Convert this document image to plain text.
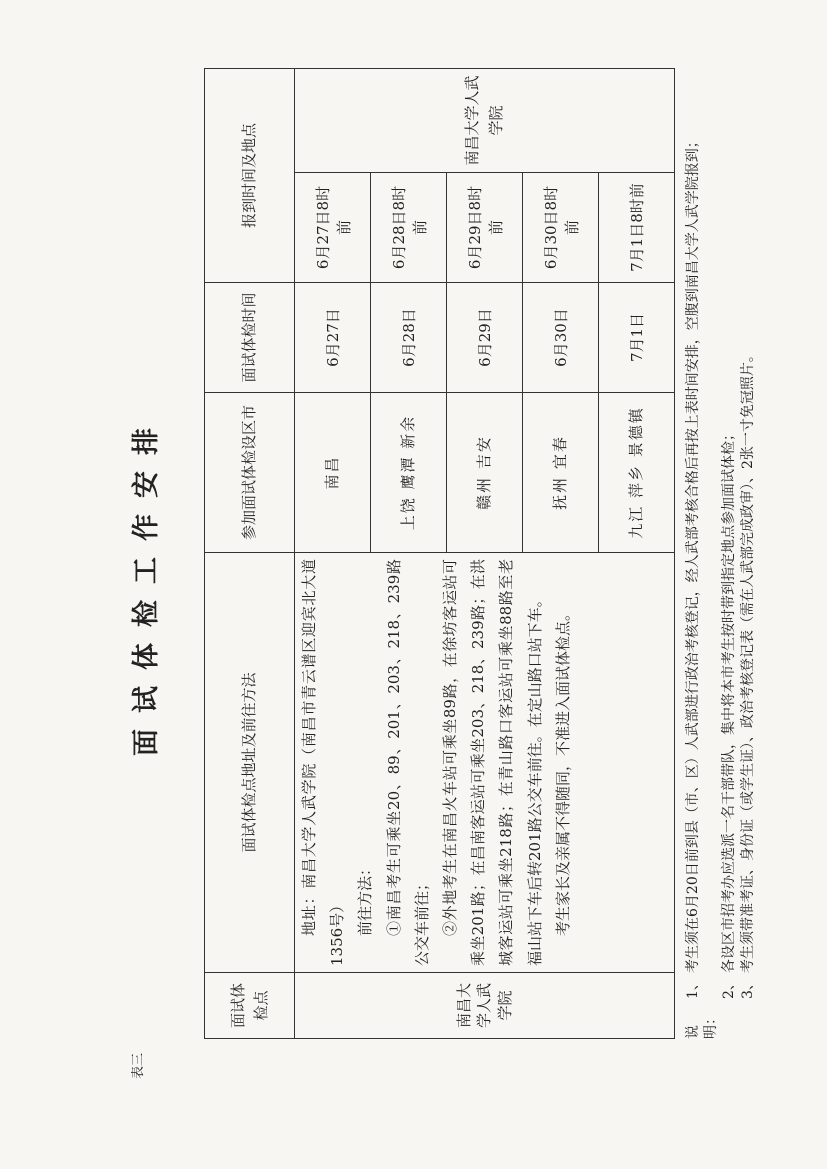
表三
面试体检工作安排
面试体检点	面试体检点地址及前往方法	参加面试体检设区市	面试体检时间	报到时间及地点	
南昌大学人武学院	地址：南昌大学人武学院（南昌市青云谱区迎宾北大道1356号） 前往方法： ①南昌考生可乘坐20、89、201、203、218、239路公交车前往； ②外地考生在南昌火车站可乘坐89路，在徐坊客运站可乘坐201路；在昌南客运站可乘坐203、218、239路；在洪城客运站可乘坐218路；在青山路口客运站可乘坐88路至老福山站下车后转201路公交车前往。在定山路口站下车。 考生家长及亲属不得随同，不准进入面试体检点。	南昌	6月27日	6月27日8时前	南昌大学人武学院
		上饶 鹰潭 新余	6月28日	6月28日8时前	
		赣州 吉安	6月29日	6月29日8时前	
		抚州 宜春	6月30日	6月30日8时前	
		九江 萍乡 景德镇	7月1日	7月1日8时前	
说明：
1、
考生须在6月20日前到县（市、区）人武部进行政治考核登记，经人武部考核合格后再按上表时间安排，空腹到南昌大学人武学院报到；
2、
各设区市招考办应选派一名干部带队，集中将本市考生按时带到指定地点参加面试体检；
3、
考生须带准考证、身份证（或学生证）、政治考核登记表（需在人武部完成政审）、2张一寸免冠照片。
